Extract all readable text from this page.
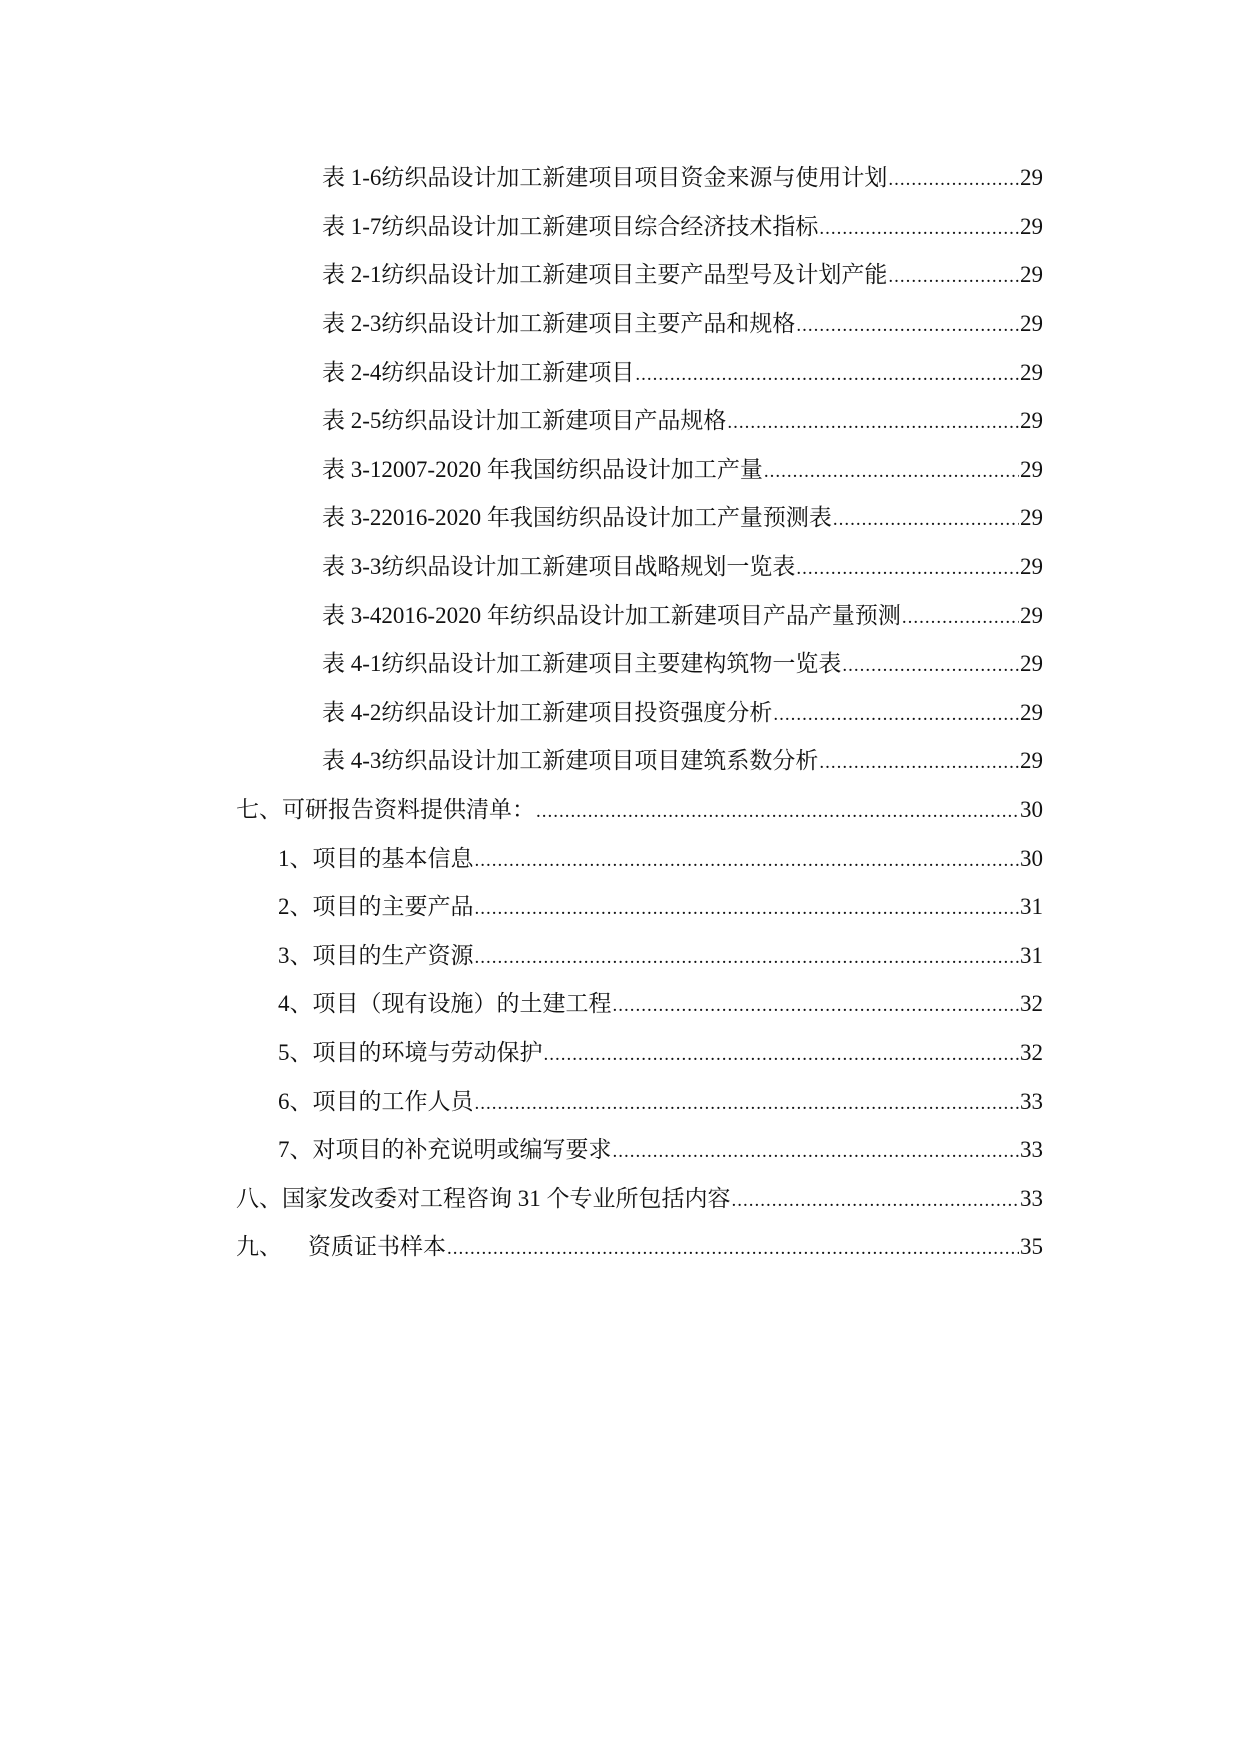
表 1-6 纺织品设计加工新建项目项目资金来源与使用计划 .....	29
表 1-7 纺织品设计加工新建项目综合经济技术指标 .....	29
表 2-1 纺织品设计加工新建项目主要产品型号及计划产能 .....	29
表 2-3 纺织品设计加工新建项目主要产品和规格 .....	29
表 2-4 纺织品设计加工新建项目 .....	29
表 2-5 纺织品设计加工新建项目产品规格 .....	29
表 3-1 2007-2020 年我国纺织品设计加工产量 .....	29
表 3-2 2016-2020 年我国纺织品设计加工产量预测表 .....	29
表 3-3 纺织品设计加工新建项目战略规划一览表 .....	29
表 3-4 2016-2020 年纺织品设计加工新建项目产品产量预测 .....	29
表 4-1 纺织品设计加工新建项目主要建构筑物一览表 .....	29
表 4-2 纺织品设计加工新建项目投资强度分析 .....	29
表 4-3 纺织品设计加工新建项目项目建筑系数分析 .....	29
七、可研报告资料提供清单： .....	30
1、项目的基本信息 .....	30
2、项目的主要产品 .....	31
3、项目的生产资源 .....	31
4、项目（现有设施）的土建工程 .....	32
5、项目的环境与劳动保护 .....	32
6、项目的工作人员 .....	33
7、对项目的补充说明或编写要求 .....	33
八、国家发改委对工程咨询 31 个专业所包括内容 .....	33
九、 资质证书样本 .....	35
